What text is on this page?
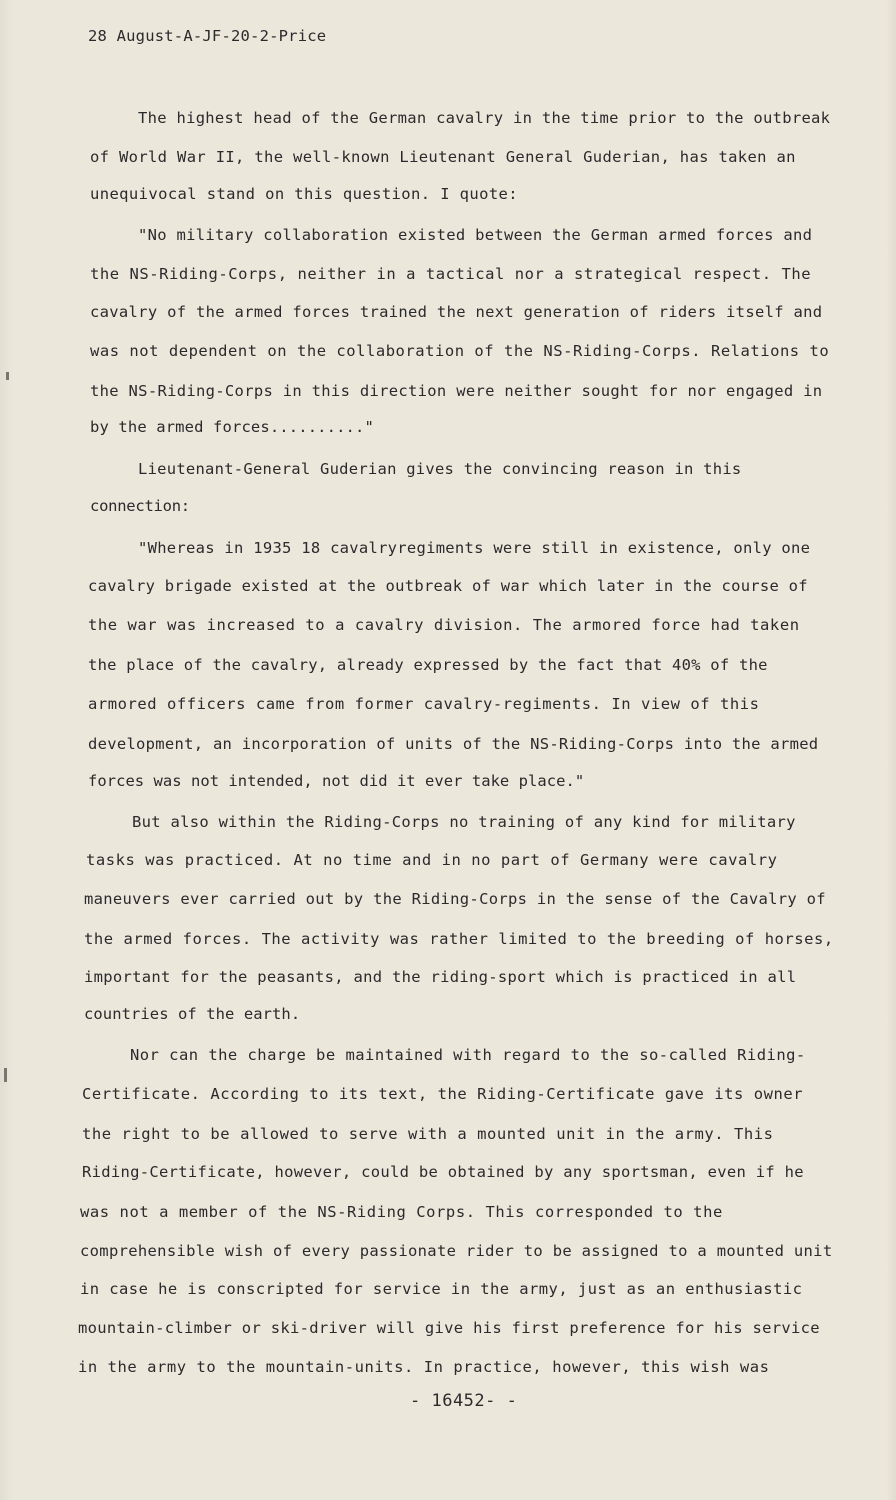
28 August-A-JF-20-2-Price
The highest head of the German cavalry in the time prior to the outbreak
of World War II, the well-known Lieutenant General Guderian, has taken an
unequivocal stand on this question. I quote:
"No military collaboration existed between the German armed forces and
the NS-Riding-Corps, neither in a tactical nor a strategical respect. The
cavalry of the armed forces trained the next generation of riders itself and
was not dependent on the collaboration of the NS-Riding-Corps. Relations to
the NS-Riding-Corps in this direction were neither sought for nor engaged in
by the armed forces.........."
Lieutenant-General Guderian gives the convincing reason in this
connection:
"Whereas in 1935 18 cavalryregiments were still in existence, only one
cavalry brigade existed at the outbreak of war which later in the course of
the war was increased to a cavalry division. The armored force had taken
the place of the cavalry, already expressed by the fact that 40% of the
armored officers came from former cavalry-regiments. In view of this
development, an incorporation of units of the NS-Riding-Corps into the armed
forces was not intended, not did it ever take place."
But also within the Riding-Corps no training of any kind for military
tasks was practiced. At no time and in no part of Germany were cavalry
maneuvers ever carried out by the Riding-Corps in the sense of the Cavalry of
the armed forces. The activity was rather limited to the breeding of horses,
important for the peasants, and the riding-sport which is practiced in all
countries of the earth.
Nor can the charge be maintained with regard to the so-called Riding-
Certificate. According to its text, the Riding-Certificate gave its owner
the right to be allowed to serve with a mounted unit in the army. This
Riding-Certificate, however, could be obtained by any sportsman, even if he
was not a member of the NS-Riding Corps. This corresponded to the
comprehensible wish of every passionate rider to be assigned to a mounted unit
in case he is conscripted for service in the army, just as an enthusiastic
mountain-climber or ski-driver will give his first preference for his service
in the army to the mountain-units. In practice, however, this wish was
- 16452- -
